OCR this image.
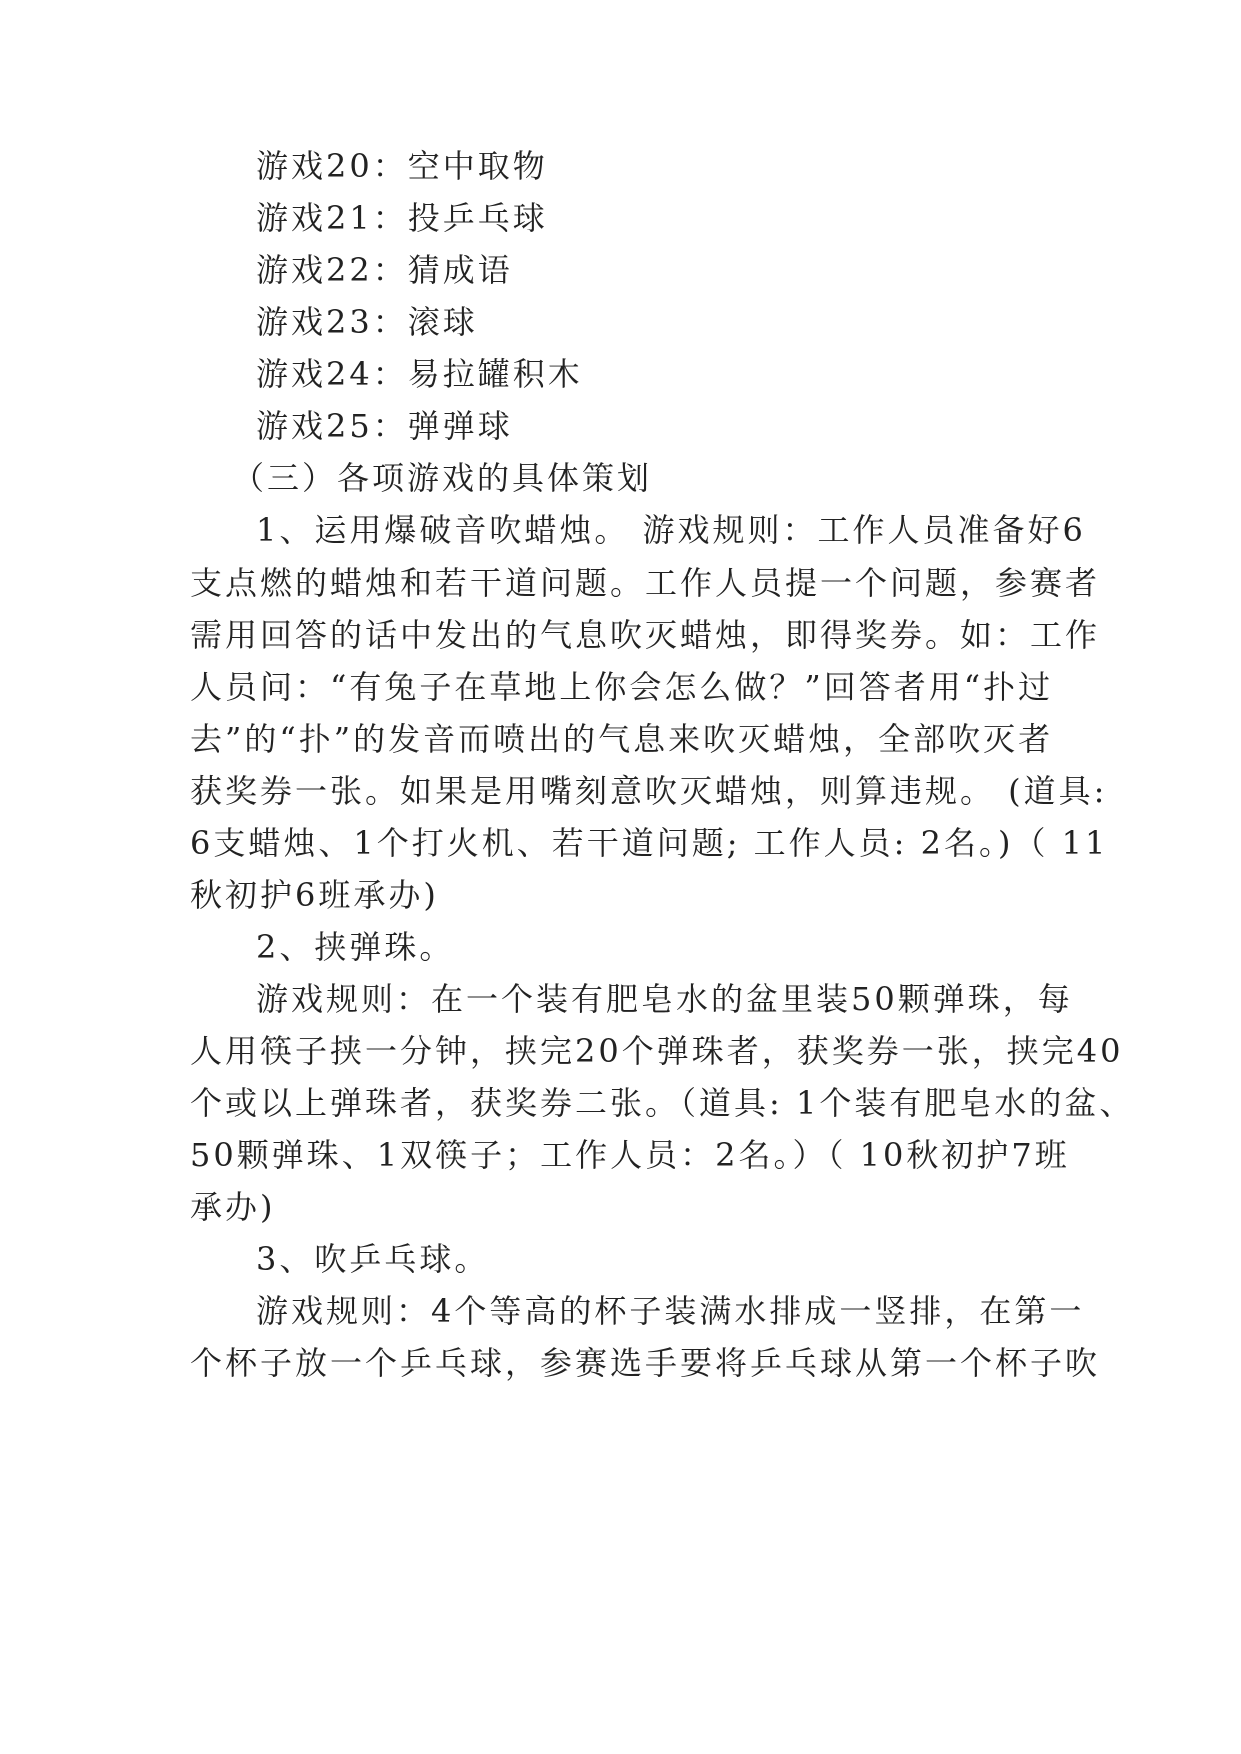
游戏20：空中取物
游戏21：投乒乓球
游戏22：猜成语
游戏23：滚球
游戏24：易拉罐积木
游戏25：弹弹球
（三）各项游戏的具体策划
1、运用爆破音吹蜡烛。 游戏规则：工作人员准备好6
支点燃的蜡烛和若干道问题。工作人员提一个问题，参赛者
需用回答的话中发出的气息吹灭蜡烛，即得奖券。如：工作
人员问：“有兔子在草地上你会怎么做？”回答者用“扑过
去”的“扑”的发音而喷出的气息来吹灭蜡烛，全部吹灭者
获奖券一张。如果是用嘴刻意吹灭蜡烛，则算违规。 (道具:
6支蜡烛、1个打火机、若干道问题; 工作人员: 2名。)（ 11
秋初护6班承办)
2、挟弹珠。
游戏规则：在一个装有肥皂水的盆里装50颗弹珠，每
人用筷子挟一分钟，挟完20个弹珠者，获奖券一张，挟完40
个或以上弹珠者，获奖券二张。（道具: 1个装有肥皂水的盆、
50颗弹珠、1双筷子；工作人员：2名。）（ 10秋初护7班
承办)
3、吹乒乓球。
游戏规则：4个等高的杯子装满水排成一竖排，在第一
个杯子放一个乒乓球，参赛选手要将乒乓球从第一个杯子吹
